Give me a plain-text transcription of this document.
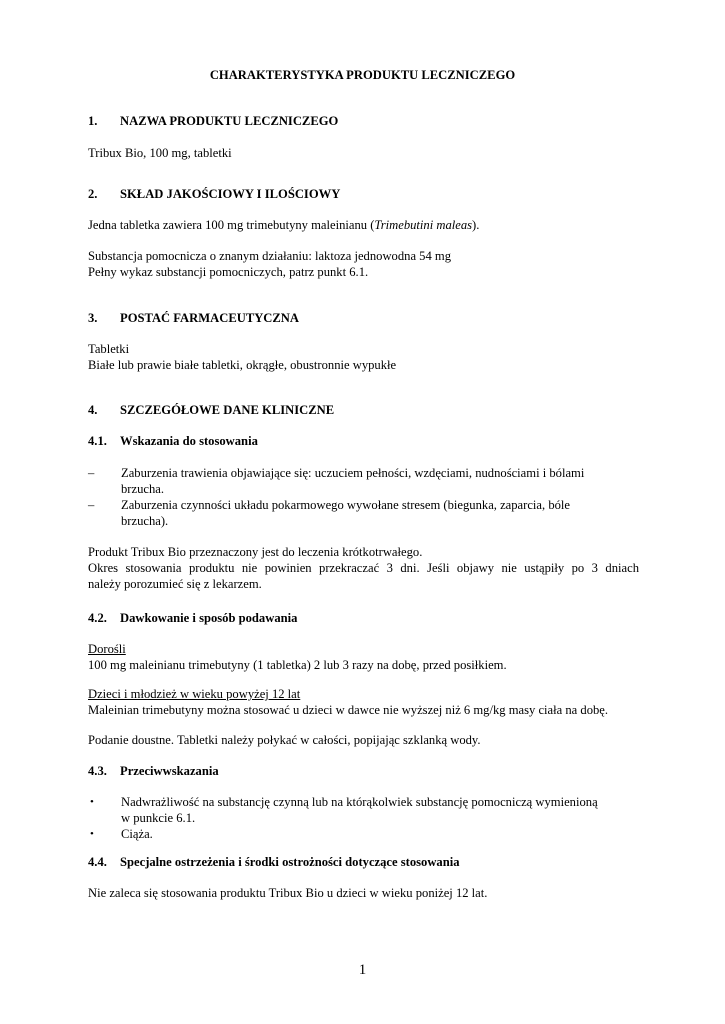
CHARAKTERYSTYKA PRODUKTU LECZNICZEGO
1. NAZWA PRODUKTU LECZNICZEGO
Tribux Bio, 100 mg, tabletki
2. SKŁAD JAKOŚCIOWY I ILOŚCIOWY
Jedna tabletka zawiera 100 mg trimebutyny maleinianu (Trimebutini maleas).
Substancja pomocnicza o znanym działaniu: laktoza jednowodna 54 mg
Pełny wykaz substancji pomocniczych, patrz punkt 6.1.
3. POSTAĆ FARMACEUTYCZNA
Tabletki
Białe lub prawie białe tabletki, okrągłe, obustronnie wypukłe
4. SZCZEGÓŁOWE DANE KLINICZNE
4.1. Wskazania do stosowania
– Zaburzenia trawienia objawiające się: uczuciem pełności, wzdęciami, nudnościami i bólami
brzucha.
– Zaburzenia czynności układu pokarmowego wywołane stresem (biegunka, zaparcia, bóle
brzucha).
Produkt Tribux Bio przeznaczony jest do leczenia krótkotrwałego.
Okres stosowania produktu nie powinien przekraczać 3 dni. Jeśli objawy nie ustąpiły po 3 dniach
należy porozumieć się z lekarzem.
4.2. Dawkowanie i sposób podawania
Dorośli
100 mg maleinianu trimebutyny (1 tabletka) 2 lub 3 razy na dobę, przed posiłkiem.
Dzieci i młodzież w wieku powyżej 12 lat
Maleinian trimebutyny można stosować u dzieci w dawce nie wyższej niż 6 mg/kg masy ciała na dobę.
Podanie doustne. Tabletki należy połykać w całości, popijając szklanką wody.
4.3. Przeciwwskazania
• Nadwrażliwość na substancję czynną lub na którąkolwiek substancję pomocniczą wymienioną
w punkcie 6.1.
• Ciąża.
4.4. Specjalne ostrzeżenia i środki ostrożności dotyczące stosowania
Nie zaleca się stosowania produktu Tribux Bio u dzieci w wieku poniżej 12 lat.
1
